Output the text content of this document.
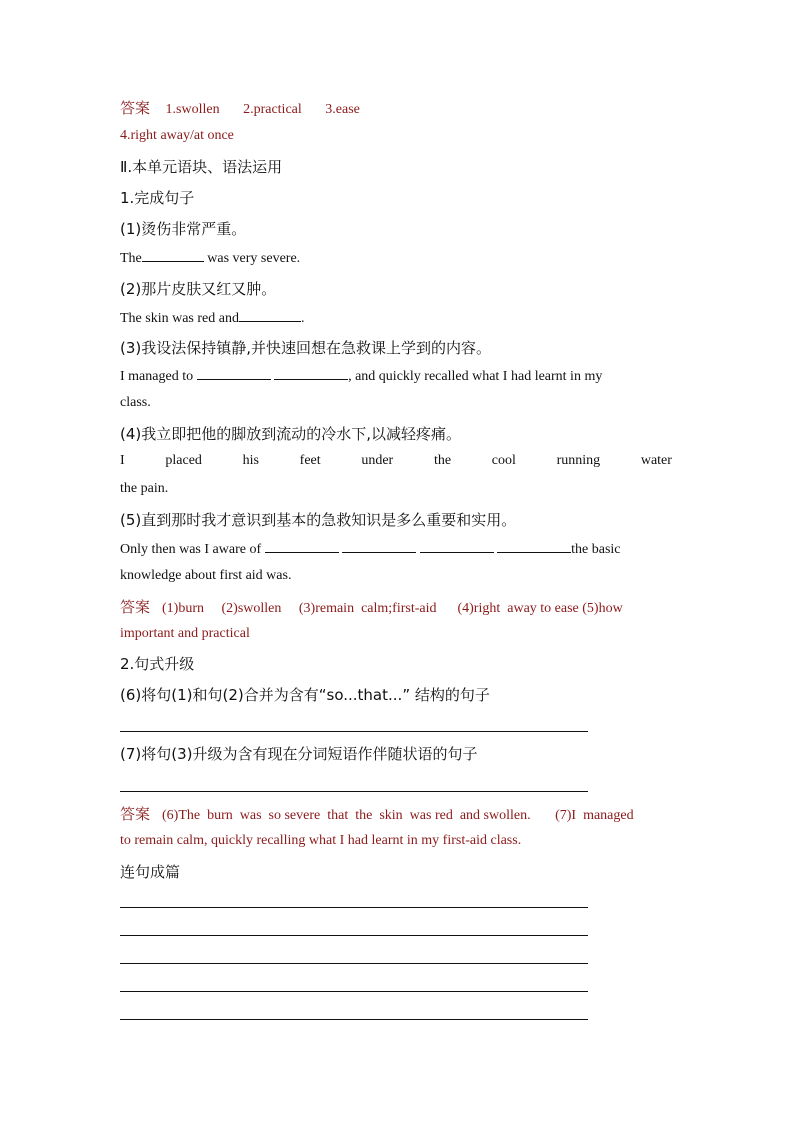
答案 1.swollen 2.practical 3.ease
4.right away/at once
Ⅱ.本单元语块、语法运用
1.完成句子
(1)烫伤非常严重。
The	was very severe.
(2)那片皮肤又红又肿。
The skin was red and	.
(3)我设法保持镇静,并快速回想在急救课上学到的内容。
I managed to	, and quickly recalled what I had learnt in my
class.
(4)我立即把他的脚放到流动的冷水下,以减轻疼痛。
I	placed	his	feet	under	the	cool	running	water
the pain.
(5)直到那时我才意识到基本的急救知识是多么重要和实用。
Only then was I aware of	the basic
knowledge about first aid was.
答案 (1)burn     (2)swollen     (3)remain  calm;first-aid      (4)right  away to ease (5)how
important and practical
2.句式升级
(6)将句(1)和句(2)合并为含有“so...that...” 结构的句子
(7)将句(3)升级为含有现在分词短语作伴随状语的句子
答案 (6)The  burn  was  so severe  that  the  skin  was red  and swollen.       (7)I  managed
to remain calm, quickly recalling what I had learnt in my first-aid class.
连句成篇
